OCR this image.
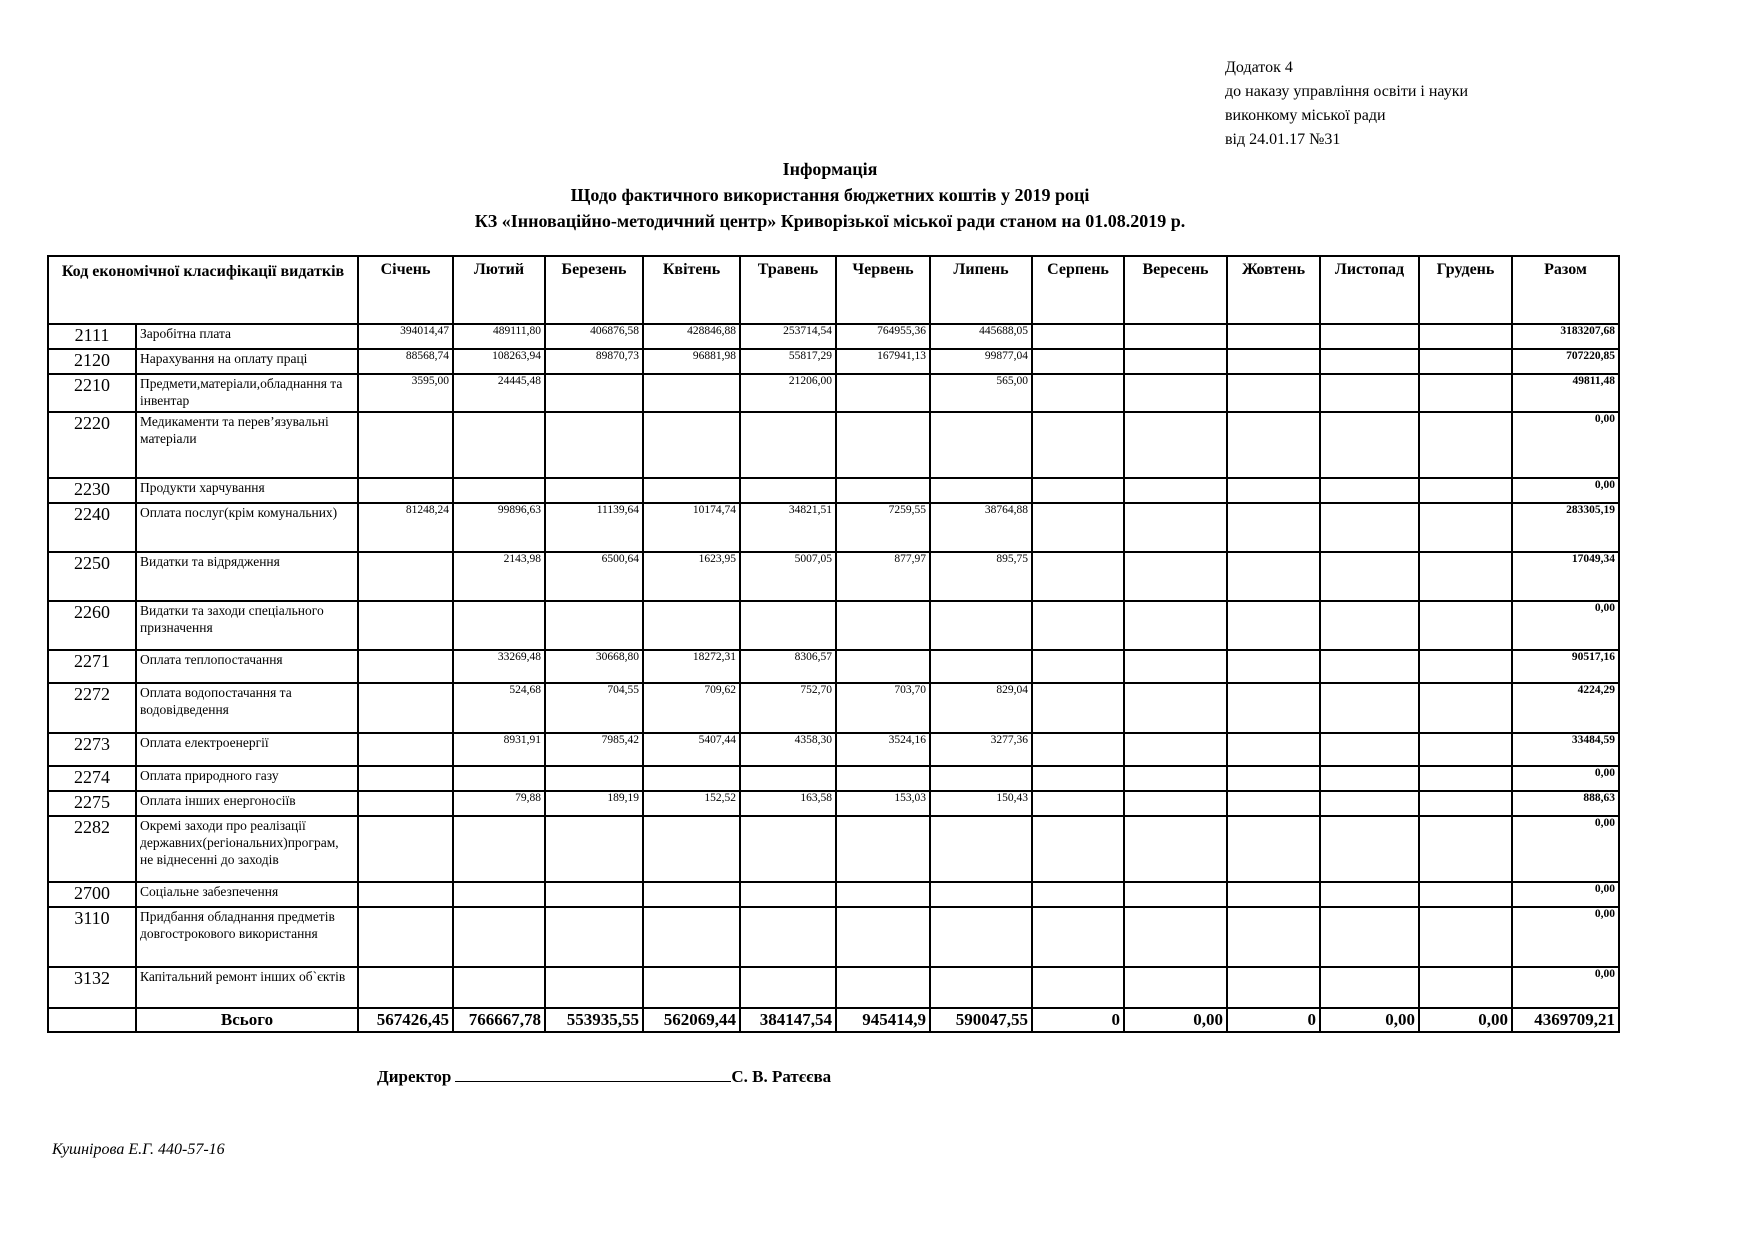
Додаток 4
до наказу управління освіти і науки
виконкому міської ради
від 24.01.17 №31
Інформація
Щодо фактичного використання бюджетних коштів у 2019 році
КЗ «Інноваційно-методичний центр» Криворізької міської ради станом на 01.08.2019 р.
Код економічної класифікації видатків		Січень	Лютий	Березень	Квітень	Травень	Червень	Липень	Серпень	Вересень	Жовтень	Листопад	Грудень	Разом
2111	Заробітна плата	394014,47	489111,80	406876,58	428846,88	253714,54	764955,36	445688,05						3183207,68
2120	Нарахування на оплату праці	88568,74	108263,94	89870,73	96881,98	55817,29	167941,13	99877,04						707220,85
2210	Предмети,матеріали,обладнання та інвентар	3595,00	24445,48			21206,00		565,00						49811,48
2220	Медикаменти та перев’язувальні матеріали													0,00
2230	Продукти харчування													0,00
2240	Оплата послуг(крім комунальних)	81248,24	99896,63	11139,64	10174,74	34821,51	7259,55	38764,88						283305,19
2250	Видатки та відрядження		2143,98	6500,64	1623,95	5007,05	877,97	895,75						17049,34
2260	Видатки та заходи спеціального призначення													0,00
2271	Оплата теплопостачання		33269,48	30668,80	18272,31	8306,57								90517,16
2272	Оплата водопостачання та водовідведення		524,68	704,55	709,62	752,70	703,70	829,04						4224,29
2273	Оплата електроенергії		8931,91	7985,42	5407,44	4358,30	3524,16	3277,36						33484,59
2274	Оплата природного газу													0,00
2275	Оплата інших енергоносіїв		79,88	189,19	152,52	163,58	153,03	150,43						888,63
2282	Окремі заходи про реалізації державних(регіональних)програм, не віднесенні до заходів													0,00
2700	Соціальне забезпечення													0,00
3110	Придбання обладнання предметів довгострокового використання													0,00
3132	Капітальний ремонт інших об`єктів													0,00
	Всього	567426,45	766667,78	553935,55	562069,44	384147,54	945414,9	590047,55	0	0,00	0	0,00	0,00	4369709,21
Директор	С. В. Ратєєва
Кушнірова Е.Г. 440-57-16
